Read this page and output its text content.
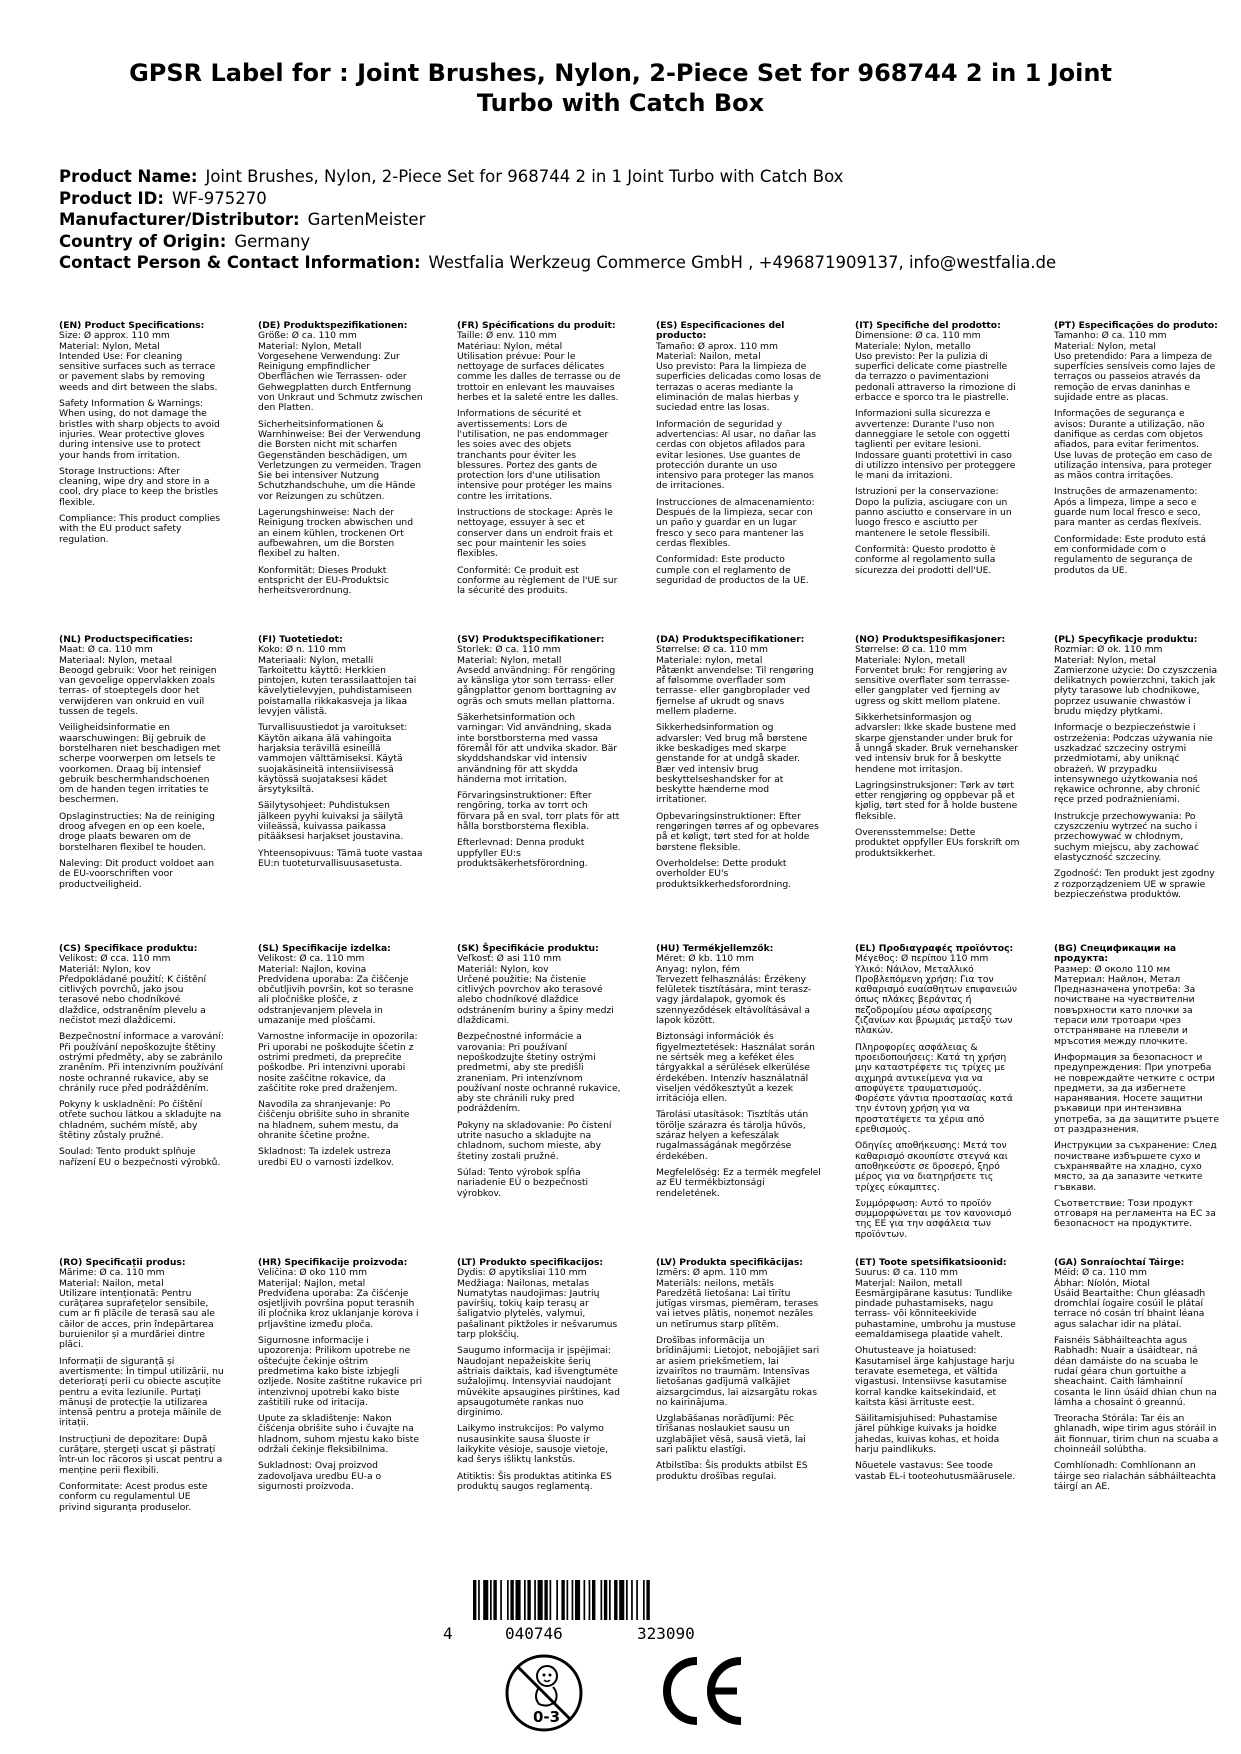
GPSR Label for : Joint Brushes, Nylon, 2-Piece Set for 968744 2 in 1 Joint Turbo with Catch Box
Product Name: Joint Brushes, Nylon, 2-Piece Set for 968744 2 in 1 Joint Turbo with Catch Box
Product ID: WF-975270
Manufacturer/Distributor: GartenMeister
Country of Origin: Germany
Contact Person & Contact Information: Westfalia Werkzeug Commerce GmbH , +496871909137, info@westfalia.de
(EN) Product Specifications:
Size: Ø approx. 110 mm
Material: Nylon, Metal
Intended Use: For cleaning sensitive surfaces such as terrace or pavement slabs by removing weeds and dirt between the slabs.
Safety Information & Warnings: When using, do not damage the bristles with sharp objects to avoid injuries. Wear protective gloves during intensive use to protect your hands from irritation.
Storage Instructions: After cleaning, wipe dry and store in a cool, dry place to keep the bristles flexible.
Compliance: This product complies with the EU product safety regulation.
(DE) Produktspezifikationen:
Größe: Ø ca. 110 mm
Material: Nylon, Metall
Vorgesehene Verwendung: Zur Reinigung empfindlicher Oberflächen wie Terrassen- oder Gehwegplatten durch Entfernung von Unkraut und Schmutz zwischen den Platten.
Sicherheitsinformationen & Warnhinweise: Bei der Verwendung die Borsten nicht mit scharfen Gegenständen beschädigen, um Verletzungen zu vermeiden. Tragen Sie bei intensiver Nutzung Schutzhandschuhe, um die Hände vor Reizungen zu schützen.
Lagerungshinweise: Nach der Reinigung trocken abwischen und an einem kühlen, trockenen Ort aufbewahren, um die Borsten flexibel zu halten.
Konformität: Dieses Produkt entspricht der EU-Produktsic herheitsverordnung.
(FR) Spécifications du produit:
Taille: Ø env. 110 mm
Matériau: Nylon, métal
Utilisation prévue: Pour le nettoyage de surfaces délicates comme les dalles de terrasse ou de trottoir en enlevant les mauvaises herbes et la saleté entre les dalles.
Informations de sécurité et avertissements: Lors de l'utilisation, ne pas endommager les soies avec des objets tranchants pour éviter les blessures. Portez des gants de protection lors d'une utilisation intensive pour protéger les mains contre les irritations.
Instructions de stockage: Après le nettoyage, essuyer à sec et conserver dans un endroit frais et sec pour maintenir les soies flexibles.
Conformité: Ce produit est conforme au règlement de l'UE sur la sécurité des produits.
(ES) Especificaciones del producto:
Tamaño: Ø aprox. 110 mm
Material: Nailon, metal
Uso previsto: Para la limpieza de superficies delicadas como losas de terrazas o aceras mediante la eliminación de malas hierbas y suciedad entre las losas.
Información de seguridad y advertencias: Al usar, no dañar las cerdas con objetos afilados para evitar lesiones. Use guantes de protección durante un uso intensivo para proteger las manos de irritaciones.
Instrucciones de almacenamiento: Después de la limpieza, secar con un paño y guardar en un lugar fresco y seco para mantener las cerdas flexibles.
Conformidad: Este producto cumple con el reglamento de seguridad de productos de la UE.
(IT) Specifiche del prodotto:
Dimensione: Ø ca. 110 mm
Materiale: Nylon, metallo
Uso previsto: Per la pulizia di superfici delicate come piastrelle da terrazzo o pavimentazioni pedonali attraverso la rimozione di erbacce e sporco tra le piastrelle.
Informazioni sulla sicurezza e avvertenze: Durante l'uso non danneggiare le setole con oggetti taglienti per evitare lesioni. Indossare guanti protettivi in caso di utilizzo intensivo per proteggere le mani da irritazioni.
Istruzioni per la conservazione: Dopo la pulizia, asciugare con un panno asciutto e conservare in un luogo fresco e asciutto per mantenere le setole flessibili.
Conformità: Questo prodotto è conforme al regolamento sulla sicurezza dei prodotti dell'UE.
(PT) Especificações do produto:
Tamanho: Ø ca. 110 mm
Material: Nylon, metal
Uso pretendido: Para a limpeza de superfícies sensíveis como lajes de terraços ou passeios através da remoção de ervas daninhas e sujidade entre as placas.
Informações de segurança e avisos: Durante a utilização, não danifique as cerdas com objetos afiados, para evitar ferimentos. Use luvas de proteção em caso de utilização intensiva, para proteger as mãos contra irritações.
Instruções de armazenamento: Após a limpeza, limpe a seco e guarde num local fresco e seco, para manter as cerdas flexíveis.
Conformidade: Este produto está em conformidade com o regulamento de segurança de produtos da UE.
(NL) Productspecificaties:
Maat: Ø ca. 110 mm
Materiaal: Nylon, metaal
Beoogd gebruik: Voor het reinigen van gevoelige oppervlakken zoals terras- of stoeptegels door het verwijderen van onkruid en vuil tussen de tegels.
Veiligheidsinformatie en waarschuwingen: Bij gebruik de borstelharen niet beschadigen met scherpe voorwerpen om letsels te voorkomen. Draag bij intensief gebruik beschermhandschoenen om de handen tegen irritaties te beschermen.
Opslaginstructies: Na de reiniging droog afvegen en op een koele, droge plaats bewaren om de borstelharen flexibel te houden.
Naleving: Dit product voldoet aan de EU-voorschriften voor productveiligheid.
(FI) Tuotetiedot:
Koko: Ø n. 110 mm
Materiaali: Nylon, metalli
Tarkoitettu käyttö: Herkkien pintojen, kuten terassilaattojen tai kävelytielevyjen, puhdistamiseen poistamalla rikkakasveja ja likaa levyjen välistä.
Turvallisuustiedot ja varoitukset: Käytön aikana älä vahingoita harjaksia terävillä esineillä vammojen välttämiseksi. Käytä suojakäsineitä intensiivisessä käytössä suojataksesi kädet ärsytyksiltä.
Säilytysohjeet: Puhdistuksen jälkeen pyyhi kuivaksi ja säilytä viileässä, kuivassa paikassa pitääksesi harjakset joustavina.
Yhteensopivuus: Tämä tuote vastaa EU:n tuoteturvallisuusasetusta.
(SV) Produktspecifikationer:
Storlek: Ø ca. 110 mm
Material: Nylon, metall
Avsedd användning: För rengöring av känsliga ytor som terrass- eller gångplattor genom borttagning av ogräs och smuts mellan plattorna.
Säkerhetsinformation och varningar: Vid användning, skada inte borstborsterna med vassa föremål för att undvika skador. Bär skyddshandskar vid intensiv användning för att skydda händerna mot irritation.
Förvaringsinstruktioner: Efter rengöring, torka av torrt och förvara på en sval, torr plats för att hålla borstborsterna flexibla.
Efterlevnad: Denna produkt uppfyller EU:s produktsäkerhetsförordning.
(DA) Produktspecifikationer:
Størrelse: Ø ca. 110 mm
Materiale: nylon, metal
Påtænkt anvendelse: Til rengøring af følsomme overflader som terrasse- eller gangbroplader ved fjernelse af ukrudt og snavs mellem pladerne.
Sikkerhedsinformation og advarsler: Ved brug må børstene ikke beskadiges med skarpe genstande for at undgå skader. Bær ved intensiv brug beskyttelseshandsker for at beskytte hænderne mod irritationer.
Opbevaringsinstruktioner: Efter rengøringen tørres af og opbevares på et køligt, tørt sted for at holde børstene fleksible.
Overholdelse: Dette produkt overholder EU's produktsikkerhedsforordning.
(NO) Produktspesifikasjoner:
Størrelse: Ø ca. 110 mm
Materiale: Nylon, metall
Forventet bruk: For rengjøring av sensitive overflater som terrasse- eller gangplater ved fjerning av ugress og skitt mellom platene.
Sikkerhetsinformasjon og advarsler: Ikke skade bustene med skarpe gjenstander under bruk for å unngå skader. Bruk vernehansker ved intensiv bruk for å beskytte hendene mot irritasjon.
Lagringsinstruksjoner: Tørk av tørt etter rengjøring og oppbevar på et kjølig, tørt sted for å holde bustene fleksible.
Overensstemmelse: Dette produktet oppfyller EUs forskrift om produktsikkerhet.
(PL) Specyfikacje produktu:
Rozmiar: Ø ok. 110 mm
Materiał: Nylon, metal
Zamierzone użycie: Do czyszczenia delikatnych powierzchni, takich jak płyty tarasowe lub chodnikowe, poprzez usuwanie chwastów i brudu między płytkami.
Informacje o bezpieczeństwie i ostrzeżenia: Podczas używania nie uszkadzać szczeciny ostrymi przedmiotami, aby uniknąć obrażeń. W przypadku intensywnego użytkowania noś rękawice ochronne, aby chronić ręce przed podrażnieniami.
Instrukcje przechowywania: Po czyszczeniu wytrzeć na sucho i przechowywać w chłodnym, suchym miejscu, aby zachować elastyczność szczeciny.
Zgodność: Ten produkt jest zgodny z rozporządzeniem UE w sprawie bezpieczeństwa produktów.
(CS) Specifikace produktu:
Velikost: Ø cca. 110 mm
Materiál: Nylon, kov
Předpokládané použití: K čištění citlivých povrchů, jako jsou terasové nebo chodníkové dlaždice, odstraněním plevelu a nečistot mezi dlaždicemi.
Bezpečnostní informace a varování: Při používání nepoškozujte štětiny ostrými předměty, aby se zabránilo zraněním. Při intenzivním používání noste ochranné rukavice, aby se chránily ruce před podrážděním.
Pokyny k uskladnění: Po čištění otřete suchou látkou a skladujte na chladném, suchém místě, aby štětiny zůstaly pružné.
Soulad: Tento produkt splňuje nařízení EU o bezpečnosti výrobků.
(SL) Specifikacije izdelka:
Velikost: Ø ca. 110 mm
Material: Najlon, kovina
Predvidena uporaba: Za čiščenje občutljivih površin, kot so terasne ali pločniške plošče, z odstranjevanjem plevela in umazanije med ploščami.
Varnostne informacije in opozorila: Pri uporabi ne poškodujte ščetin z ostrimi predmeti, da preprečite poškodbe. Pri intenzivni uporabi nosite zaščitne rokavice, da zaščitite roke pred draženjem.
Navodila za shranjevanje: Po čiščenju obrišite suho in shranite na hladnem, suhem mestu, da ohranite ščetine prožne.
Skladnost: Ta izdelek ustreza uredbi EU o varnosti izdelkov.
(SK) Špecifikácie produktu:
Veľkosť: Ø asi 110 mm
Materiál: Nylon, kov
Určené použitie: Na čistenie citlivých povrchov ako terasové alebo chodníkové dlaždice odstránením buriny a špiny medzi dlaždicami.
Bezpečnostné informácie a varovania: Pri používaní nepoškodzujte štetiny ostrými predmetmi, aby ste predišli zraneniam. Pri intenzívnom používaní noste ochranné rukavice, aby ste chránili ruky pred podráždením.
Pokyny na skladovanie: Po čistení utrite nasucho a skladujte na chladnom, suchom mieste, aby štetiny zostali pružné.
Súlad: Tento výrobok spĺňa nariadenie EÚ o bezpečnosti výrobkov.
(HU) Termékjellemzők:
Méret: Ø kb. 110 mm
Anyag: nylon, fém
Tervezett felhasználás: Érzékeny felületek tisztítására, mint terasz- vagy járdalapok, gyomok és szennyeződések eltávolításával a lapok között.
Biztonsági információk és figyelmeztetések: Használat során ne sértsék meg a keféket éles tárgyakkal a sérülések elkerülése érdekében. Intenzív használatnál viseljen védőkesztyűt a kezek irritációja ellen.
Tárolási utasítások: Tisztítás után törölje szárazra és tárolja hűvös, száraz helyen a kefeszálak rugalmasságának megőrzése érdekében.
Megfelelőség: Ez a termék megfelel az EU termékbiztonsági rendeletének.
(EL) Προδιαγραφές προϊόντος:
Μέγεθος: Ø περίπου 110 mm
Υλικό: Νάιλον, Μεταλλικό
Προβλεπόμενη χρήση: Για τον καθαρισμό ευαίσθητων επιφανειών όπως πλάκες βεράντας ή πεζοδρομίου μέσω αφαίρεσης ζιζανίων και βρωμιάς μεταξύ των πλακών.
Πληροφορίες ασφάλειας & προειδοποιήσεις: Κατά τη χρήση μην καταστρέφετε τις τρίχες με αιχμηρά αντικείμενα για να αποφύγετε τραυματισμούς. Φορέστε γάντια προστασίας κατά την έντονη χρήση για να προστατέψετε τα χέρια από ερεθισμούς.
Οδηγίες αποθήκευσης: Μετά τον καθαρισμό σκουπίστε στεγνά και αποθηκεύστε σε δροσερό, ξηρό μέρος για να διατηρήσετε τις τρίχες εύκαμπτες.
Συμμόρφωση: Αυτό το προϊόν συμμορφώνεται με τον κανονισμό της ΕΕ για την ασφάλεια των προϊόντων.
(BG) Спецификации на продукта:
Размер: Ø около 110 мм
Материал: Найлон, Метал
Предназначена употреба: За почистване на чувствителни повърхности като плочки за тераси или тротоари чрез отстраняване на плевели и мръсотия между плочките.
Информация за безопасност и предупреждения: При употреба не повреждайте четките с остри предмети, за да избегнете наранявания. Носете защитни ръкавици при интензивна употреба, за да защитите ръцете от раздразнения.
Инструкции за съхранение: След почистване избършете сухо и съхранявайте на хладно, сухо място, за да запазите четките гъвкави.
Съответствие: Този продукт отговаря на регламента на ЕС за безопасност на продуктите.
(RO) Specificații produs:
Mărime: Ø ca. 110 mm
Material: Nailon, metal
Utilizare intenționată: Pentru curățarea suprafețelor sensibile, cum ar fi plăcile de terasă sau ale căilor de acces, prin îndepărtarea buruienilor și a murdăriei dintre plăci.
Informații de siguranță și avertismente: În timpul utilizării, nu deteriorați perii cu obiecte ascuțite pentru a evita leziunile. Purtați mănuși de protecție la utilizarea intensă pentru a proteja mâinile de iritații.
Instrucțiuni de depozitare: După curățare, ștergeți uscat și păstrați într-un loc răcoros și uscat pentru a menține perii flexibili.
Conformitate: Acest produs este conform cu regulamentul UE privind siguranța produselor.
(HR) Specifikacije proizvoda:
Veličina: Ø oko 110 mm
Materijal: Najlon, metal
Predviđena uporaba: Za čišćenje osjetljivih površina poput terasnih ili pločnika kroz uklanjanje korova i prljavštine između ploča.
Sigurnosne informacije i upozorenja: Prilikom upotrebe ne oštećujte čekinje oštrim predmetima kako biste izbjegli ozljede. Nosite zaštitne rukavice pri intenzivnoj upotrebi kako biste zaštitili ruke od iritacija.
Upute za skladištenje: Nakon čišćenja obrišite suho i čuvajte na hladnom, suhom mjestu kako biste održali čekinje fleksibilnima.
Sukladnost: Ovaj proizvod zadovoljava uredbu EU-a o sigurnosti proizvoda.
(LT) Produkto specifikacijos:
Dydis: Ø apytiksliai 110 mm
Medžiaga: Nailonas, metalas
Numatytas naudojimas: Jautrių paviršių, tokių kaip terasų ar šaligatvio plytelės, valymui, pašalinant piktžoles ir nešvarumus tarp plokščių.
Saugumo informacija ir įspėjimai: Naudojant nepažeiskite šerių aštriais daiktais, kad išvengtumėte sužalojimų. Intensyviai naudojant mūvėkite apsaugines pirštines, kad apsaugotumėte rankas nuo dirginimo.
Laikymo instrukcijos: Po valymo nusausinkite sausa šluoste ir laikykite vėsioje, sausoje vietoje, kad šerys išliktų lankstūs.
Atitiktis: Šis produktas atitinka ES produktų saugos reglamentą.
(LV) Produkta specifikācijas:
Izmērs: Ø apm. 110 mm
Materiāls: neilons, metāls
Paredzētā lietošana: Lai tīrītu jutīgas virsmas, piemēram, terases vai ietves plātis, noņemot nezāles un netīrumus starp plītēm.
Drošības informācija un brīdinājumi: Lietojot, nebojājiet sari ar asiem priekšmetiem, lai izvairītos no traumām. Intensīvas lietošanas gadījumā valkājiet aizsargcimdus, lai aizsargātu rokas no kairinājuma.
Uzglabāšanas norādījumi: Pēc tīrīšanas noslaukiet sausu un uzglabājiet vēsā, sausā vietā, lai sari paliktu elastīgi.
Atbilstība: Šis produkts atbilst ES produktu drošības regulai.
(ET) Toote spetsifikatsioonid:
Suurus: Ø ca. 110 mm
Materjal: Nailon, metall
Eesmärgipärane kasutus: Tundlike pindade puhastamiseks, nagu terrass- või kõnniteekivide puhastamine, umbrohu ja mustuse eemaldamisega plaatide vahelt.
Ohutusteave ja hoiatused: Kasutamisel ärge kahjustage harju teravate esemetega, et vältida vigastusi. Intensiivse kasutamise korral kandke kaitsekindaid, et kaitsta käsi ärrituste eest.
Säilitamisjuhised: Puhastamise järel pühkige kuivaks ja hoidke jahedas, kuivas kohas, et hoida harju paindlikuks.
Nõuetele vastavus: See toode vastab EL-i tooteohutusmäärusele.
(GA) Sonraíochtaí Táirge:
Méid: Ø ca. 110 mm
Ábhar: Níolón, Miotal
Úsáid Beartaithe: Chun gléasadh dromchlaí íogaire cosúil le plátaí terrace nó cosán trí bhaint léana agus salachar idir na plátaí.
Faisnéis Sábháilteachta agus Rabhadh: Nuair a úsáidtear, ná déan damáiste do na scuaba le rudaí géara chun gortuithe a sheachaint. Caith lámhainní cosanta le linn úsáid dhian chun na lámha a chosaint ó greannú.
Treoracha Stórála: Tar éis an ghlanadh, wipe tirim agus stóráil in áit fionnuar, tirim chun na scuaba a choinneáil solúbtha.
Comhlíonadh: Comhlíonann an táirge seo rialachán sábháilteachta táirgí an AE.
4	040746	323090
0-3
